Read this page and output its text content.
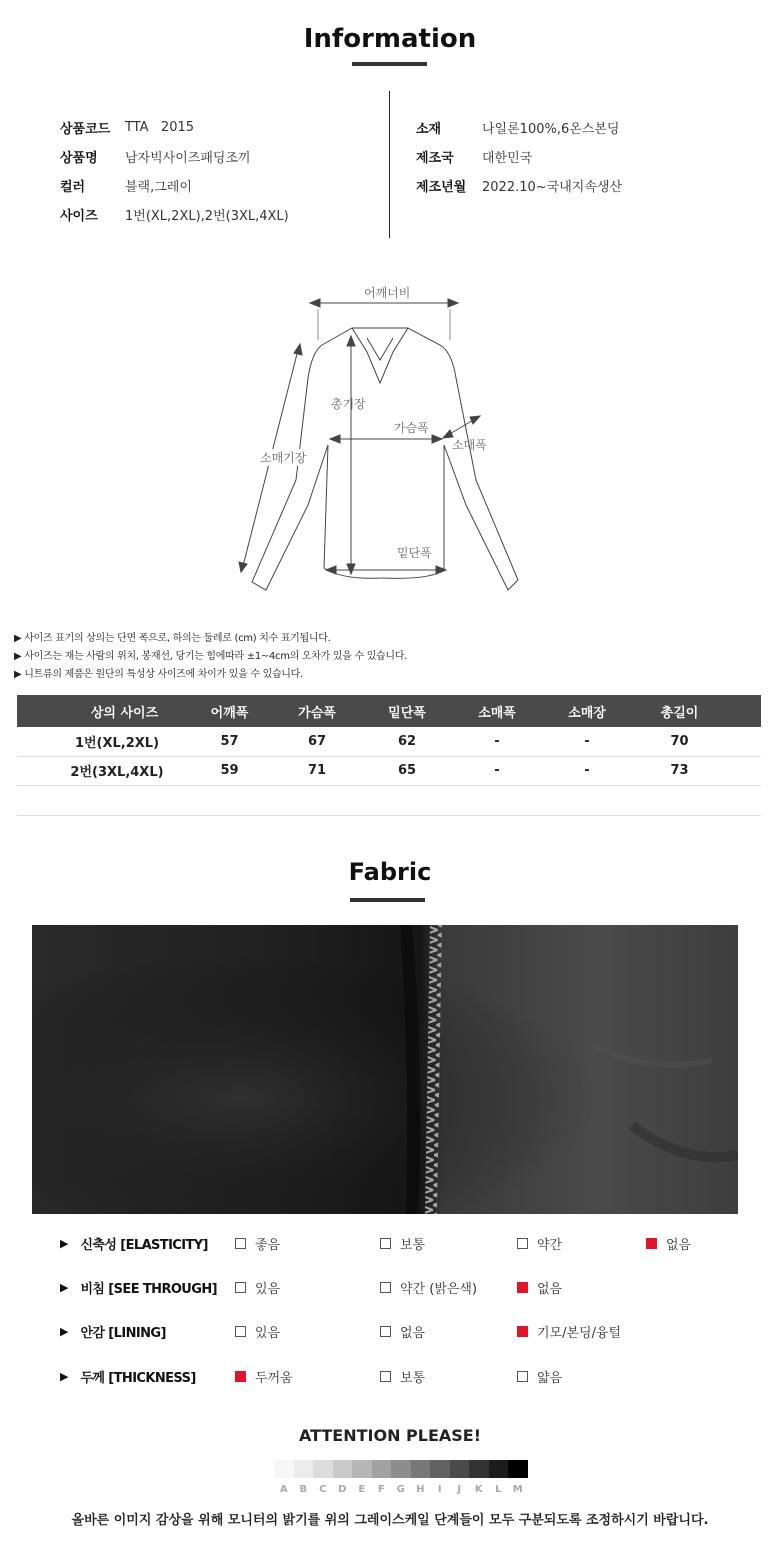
Information
상품코드	TTA   2015
상품명	남자빅사이즈패딩조끼
컬러	블랙,그레이
사이즈	1번(XL,2XL),2번(3XL,4XL)
소재	나일론100%,6온스본딩
제조국	대한민국
제조년월	2022.10~국내지속생산
어깨너비
총기장
가슴폭
소매폭
소매기장
밑단폭
▶ 사이즈 표기의 상의는 단면 폭으로, 하의는 둘레로 (cm) 치수 표기됩니다.
▶ 사이즈는 재는 사람의 위치, 봉재선, 당기는 힘에따라 ±1~4cm의 오차가 있을 수 있습니다.
▶ 니트류의 제품은 원단의 특성상 사이즈에 차이가 있을 수 있습니다.
상의 사이즈	어깨폭	가슴폭	밑단폭	소매폭	소매장	총길이	
1번(XL,2XL)	57	67	62	-	-	70	
2번(3XL,4XL)	59	71	65	-	-	73	

Fabric
▶ 신축성 [ELASTICITY]	좋음	보통	약간	없음
▶ 비침 [SEE THROUGH]	있음	약간 (밝은색)	없음
▶ 안감 [LINING]	있음	없음	기모/본딩/융털
▶ 두께 [THICKNESS]	두꺼움	보통	얇음
ATTENTION PLEASE!
A	B	C	D	E	F	G	H	I	J	K	L	M
올바른 이미지 감상을 위해 모니터의 밝기를 위의 그레이스케일 단계들이 모두 구분되도록 조정하시기 바랍니다.
